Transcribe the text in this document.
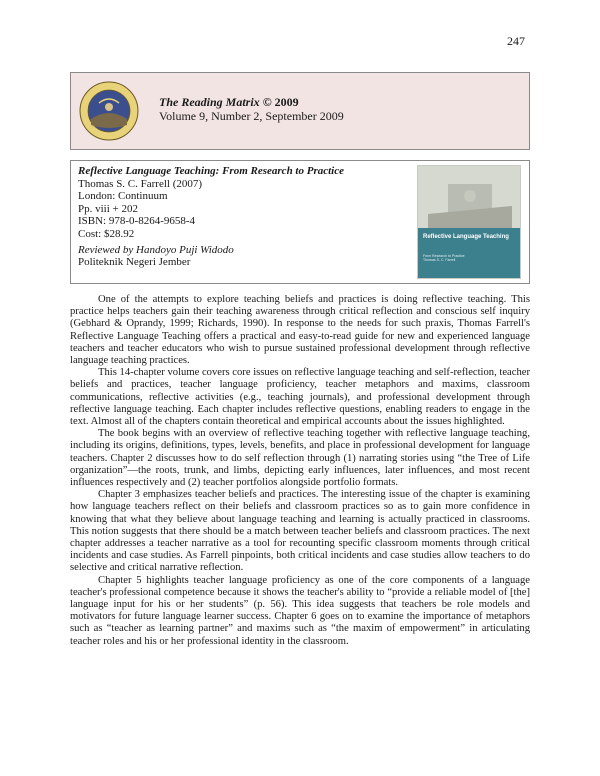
247
The Reading Matrix © 2009
Volume 9, Number 2, September 2009
Reflective Language Teaching: From Research to Practice
Thomas S. C. Farrell (2007)
London: Continuum
Pp. viii + 202
ISBN: 978-0-8264-9658-4
Cost: $28.92
Reviewed by Handoyo Puji Widodo
Politeknik Negeri Jember
Reflective Language Teaching
From Research to Practice
Thomas S. C. Farrell

One of the attempts to explore teaching beliefs and practices is doing reflective teaching. This practice helps teachers gain their teaching awareness through critical reflection and conscious self inquiry (Gebhard & Oprandy, 1999; Richards, 1990). In response to the needs for such praxis, Thomas Farrell's Reflective Language Teaching offers a practical and easy-to-read guide for new and experienced language teachers and teacher educators who wish to pursue sustained professional development through reflective language teaching practices.

This 14-chapter volume covers core issues on reflective language teaching and self-reflection, teacher beliefs and practices, teacher language proficiency, teacher metaphors and maxims, classroom communications, reflective activities (e.g., teaching journals), and professional development through reflective language teaching. Each chapter includes reflective questions, enabling readers to engage in the text. Almost all of the chapters contain theoretical and empirical accounts about the issues highlighted.

The book begins with an overview of reflective teaching together with reflective language teaching, including its origins, definitions, types, levels, benefits, and place in professional development for language teachers. Chapter 2 discusses how to do self reflection through (1) narrating stories using “the Tree of Life organization”—the roots, trunk, and limbs, depicting early influences, later influences, and most recent influences respectively and (2) teacher portfolios alongside portfolio formats.

Chapter 3 emphasizes teacher beliefs and practices. The interesting issue of the chapter is examining how language teachers reflect on their beliefs and classroom practices so as to gain more confidence in knowing that what they believe about language teaching and learning is actually practiced in classrooms. This notion suggests that there should be a match between teacher beliefs and classroom practices. The next chapter addresses a teacher narrative as a tool for recounting specific classroom moments through critical incidents and case studies. As Farrell pinpoints, both critical incidents and case studies allow teachers to do selective and critical narrative reflection.

Chapter 5 highlights teacher language proficiency as one of the core components of a language teacher's professional competence because it shows the teacher's ability to “provide a reliable model of [the] language input for his or her students” (p. 56). This idea suggests that teachers be role models and motivators for future language learner success. Chapter 6 goes on to examine the importance of metaphors such as “teacher as learning partner” and maxims such as “the maxim of empowerment” in articulating teacher roles and his or her professional identity in the classroom.
